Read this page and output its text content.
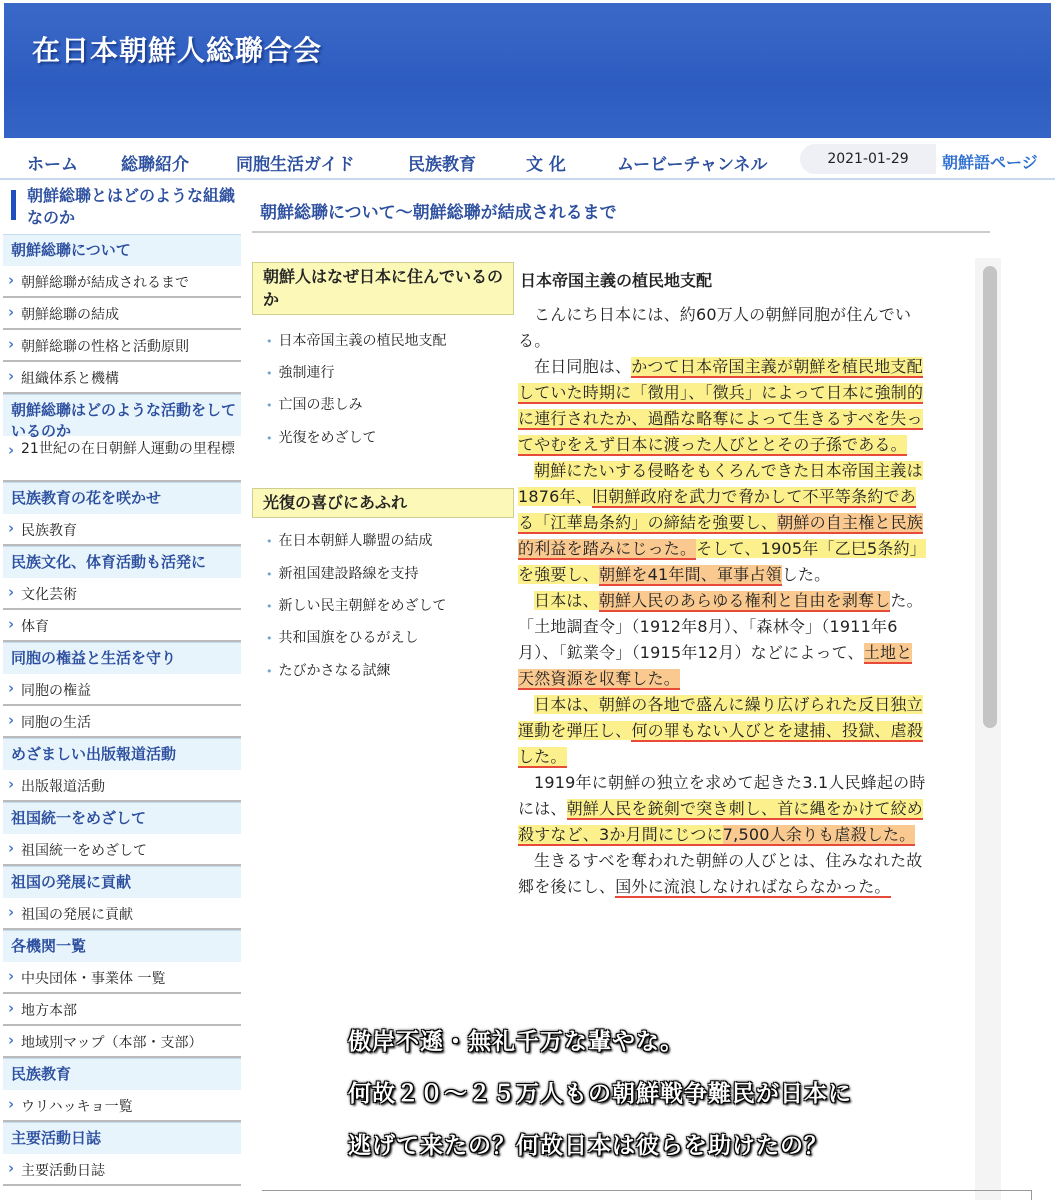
在日本朝鮮人総聯合会
ホーム	総聯紹介	同胞生活ガイド	民族教育	文 化	ムービーチャンネル	2021-01-29	朝鮮語ページ
朝鮮総聯とはどのような組織なのか
朝鮮総聯について
› 朝鮮総聯が結成されるまで
› 朝鮮総聯の結成
› 朝鮮総聯の性格と活動原則
› 組織体系と機構
朝鮮総聯はどのような活動をしているのか
› 21世紀の在日朝鮮人運動の里程標
民族教育の花を咲かせ
› 民族教育
民族文化、体育活動も活発に
› 文化芸術
› 体育
同胞の権益と生活を守り
› 同胞の権益
› 同胞の生活
めざましい出版報道活動
› 出版報道活動
祖国統一をめざして
› 祖国統一をめざして
祖国の発展に貢献
› 祖国の発展に貢献
各機関一覧
› 中央団体・事業体 一覧
› 地方本部
› 地域別マップ（本部・支部）
民族教育
› ウリハッキョ一覧
主要活動日誌
› 主要活動日誌
朝鮮総聯について〜朝鮮総聯が結成されるまで
朝鮮人はなぜ日本に住んでいるのか
• 日本帝国主義の植民地支配
• 強制連行
• 亡国の悲しみ
• 光復をめざして
光復の喜びにあふれ
• 在日本朝鮮人聯盟の結成
• 新祖国建設路線を支持
• 新しい民主朝鮮をめざして
• 共和国旗をひるがえし
• たびかさなる試練
日本帝国主義の植民地支配

こんにち日本には、約60万人の朝鮮同胞が住んでいる。

在日同胞は、かつて日本帝国主義が朝鮮を植民地支配していた時期に「徴用」、「徴兵」によって日本に強制的に連行されたか、過酷な略奪によって生きるすべを失ってやむをえず日本に渡った人びととその子孫である。

朝鮮にたいする侵略をもくろんできた日本帝国主義は1876年、旧朝鮮政府を武力で脅かして不平等条約である「江華島条約」の締結を強要し、朝鮮の自主権と民族的利益を踏みにじった。そして、1905年「乙巳5条約」を強要し、朝鮮を41年間、軍事占領した。

日本は、朝鮮人民のあらゆる権利と自由を剥奪した。「土地調査令」（1912年8月）、「森林令」（1911年6月）、「鉱業令」（1915年12月）などによって、土地と天然資源を収奪した。

日本は、朝鮮の各地で盛んに繰り広げられた反日独立運動を弾圧し、何の罪もない人びとを逮捕、投獄、虐殺した。

1919年に朝鮮の独立を求めて起きた3.1人民蜂起の時には、朝鮮人民を銃剣で突き刺し、首に縄をかけて絞め殺すなど、3か月間にじつに7,500人余りも虐殺した。

生きるすべを奪われた朝鮮の人びとは、住みなれた故郷を後にし、国外に流浪しなければならなかった。

傲岸不遜・無礼千万な輩やな。
何故２０～２５万人もの朝鮮戦争難民が日本に
逃げて来たの？何故日本は彼らを助けたの？
